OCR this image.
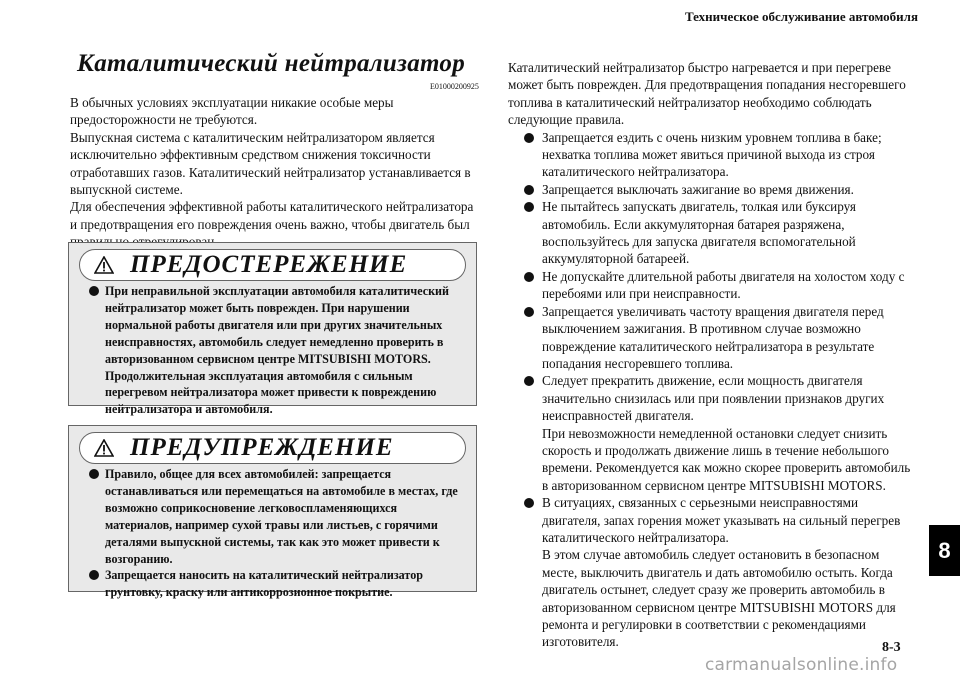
Техническое обслуживание автомобиля
Каталитический нейтрализатор
E01000200925

В обычных условиях эксплуатации никакие особые меры предосторожности не требуются.

Выпускная система с каталитическим нейтрализатором является исключительно эффективным средством снижения токсичности отработавших газов. Каталитический нейтрализатор устанавливается в выпускной системе.

Для обеспечения эффективной работы каталитического нейтрализатора и предотвращения его повреждения очень важно, чтобы двигатель был

ПРЕДОСТЕРЕЖЕНИЕ
При неправильной эксплуатации автомобиля каталитический нейтрализатор может быть поврежден. При нарушении нормальной работы двигателя или при других значительных неисправностях, автомобиль следует немедленно проверить в авторизованном сервисном центре MITSUBISHI MOTORS. Продолжительная эксплуатация автомобиля с сильным перегревом нейтрализатора может привести к повреждению нейтрализатора и автомобиля.
ПРЕДУПРЕЖДЕНИЕ
Правило, общее для всех автомобилей: запрещается останавливаться или перемещаться на автомобиле в местах, где возможно соприкосновение легковоспламеняющихся материалов, например сухой травы или листьев, с горячими деталями выпускной системы, так как это может привести к возгоранию.
Запрещается наносить на каталитический нейтрализатор грунтовку, краску или антикоррозионное покрытие.

Каталитический нейтрализатор быстро нагревается и при перегреве может быть поврежден. Для предотвращения попадания несгоревшего топлива в каталитический нейтрализатор необходимо соблюдать следующие правила.

Запрещается ездить с очень низким уровнем топлива в баке; нехватка топлива может явиться причиной выхода из строя каталитического нейтрализатора.
Запрещается выключать зажигание во время движения.
Не пытайтесь запускать двигатель, толкая или буксируя автомобиль. Если аккумуляторная батарея разряжена, воспользуйтесь для запуска двигателя вспомогательной аккумуляторной батареей.
Не допускайте длительной работы двигателя на холостом ходу с перебоями или при неисправности.
Запрещается увеличивать частоту вращения двигателя перед выключением зажигания. В противном случае возможно повреждение каталитического нейтрализатора в результате попадания несгоревшего топлива.
Следует прекратить движение, если мощность двигателя значительно снизилась или при появлении признаков других неисправностей двигателя.
При невозможности немедленной остановки следует снизить скорость и продолжать движение лишь в течение небольшого времени. Рекомендуется как можно скорее проверить автомобиль в авторизованном сервисном центре MITSUBISHI MOTORS.
В ситуациях, связанных с серьезными неисправностями двигателя, запах горения может указывать на сильный перегрев каталитического нейтрализатора.
В этом случае автомобиль следует остановить в безопасном месте, выключить двигатель и дать автомобилю остыть. Когда двигатель остынет, следует сразу же проверить автомобиль в авторизованном сервисном центре MITSUBISHI MOTORS для ремонта и регулировки в соответствии с рекомендациями изготовителя.
8
8-3
carmanualsonline.info
